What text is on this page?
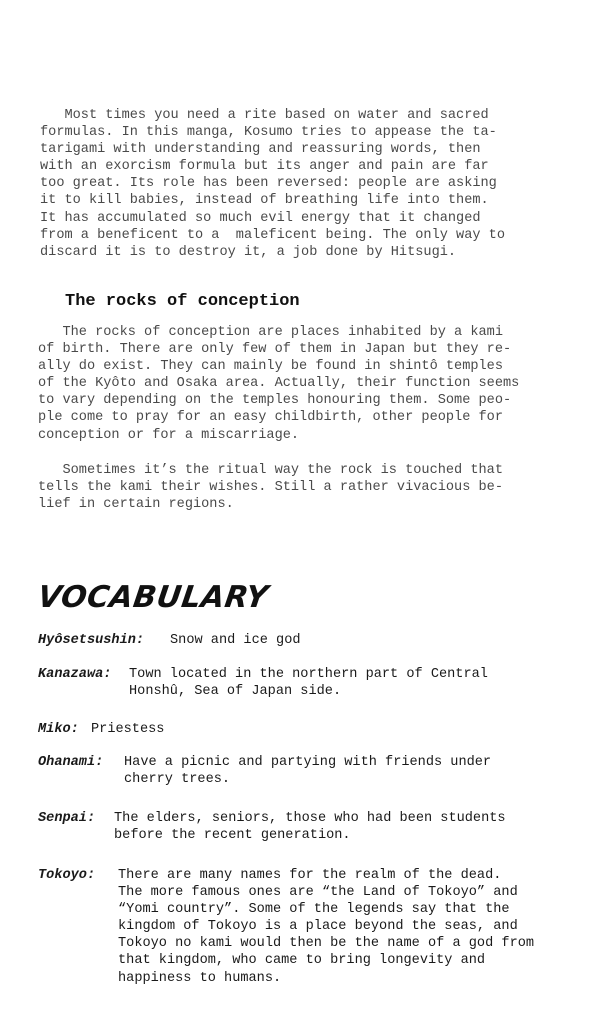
Most times you need a rite based on water and sacred
formulas. In this manga, Kosumo tries to appease the ta-
tarigami with understanding and reassuring words, then
with an exorcism formula but its anger and pain are far
too great. Its role has been reversed: people are asking
it to kill babies, instead of breathing life into them.
It has accumulated so much evil energy that it changed
from a beneficent to a  maleficent being. The only way to
discard it is to destroy it, a job done by Hitsugi.
The rocks of conception
The rocks of conception are places inhabited by a kami
of birth. There are only few of them in Japan but they re-
ally do exist. They can mainly be found in shintô temples
of the Kyôto and Osaka area. Actually, their function seems
to vary depending on the temples honouring them. Some peo-
ple come to pray for an easy childbirth, other people for
conception or for a miscarriage.
Sometimes it’s the ritual way the rock is touched that
tells the kami their wishes. Still a rather vivacious be-
lief in certain regions.
VOCABULARY
Hyôsetsushin: Snow and ice god
Kanazawa: Town located in the northern part of Central
Honshû, Sea of Japan side.
Miko: Priestess
Ohanami: Have a picnic and partying with friends under
cherry trees.
Senpai: The elders, seniors, those who had been students
before the recent generation.
Tokoyo: There are many names for the realm of the dead.
The more famous ones are “the Land of Tokoyo” and
“Yomi country”. Some of the legends say that the
kingdom of Tokoyo is a place beyond the seas, and
Tokoyo no kami would then be the name of a god from
that kingdom, who came to bring longevity and
happiness to humans.
